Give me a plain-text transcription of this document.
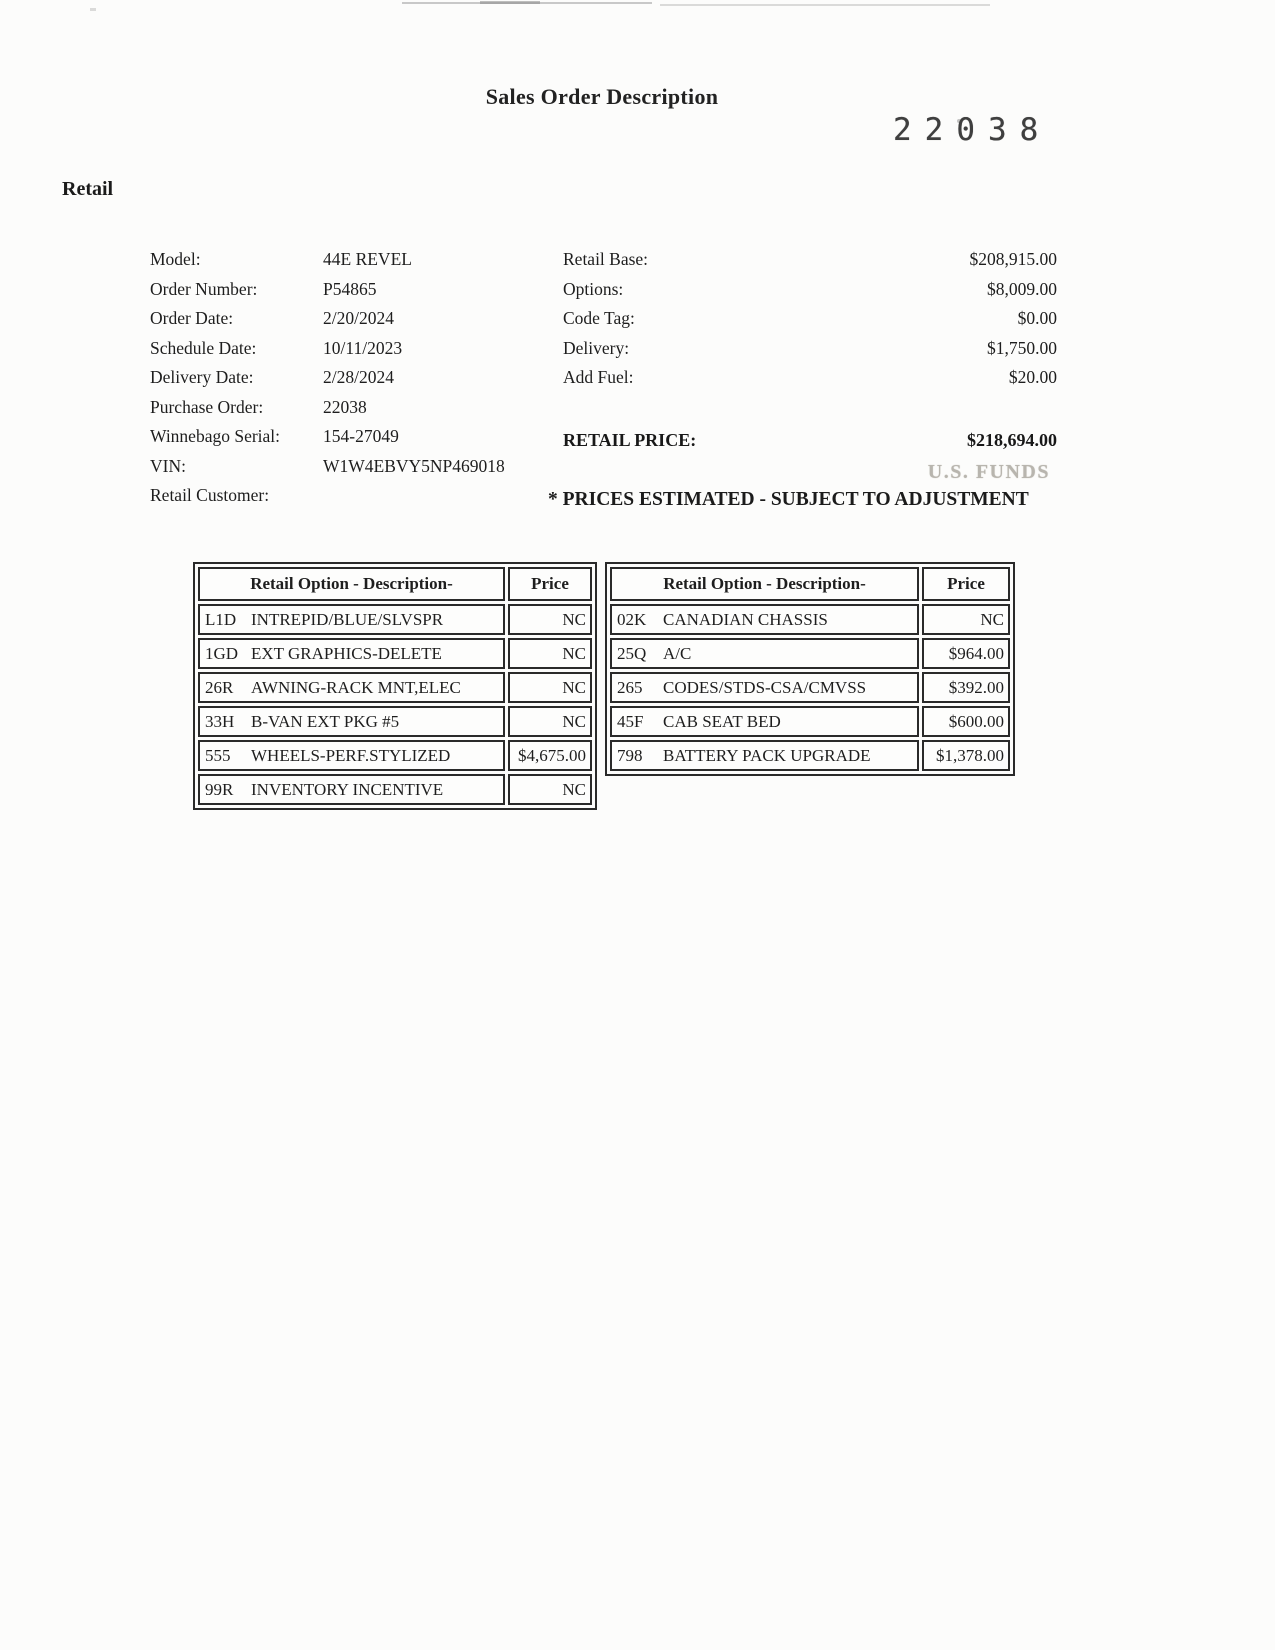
Sales Order Description
22038
Retail
Model:	44E REVEL
Order Number:	P54865
Order Date:	2/20/2024
Schedule Date:	10/11/2023
Delivery Date:	2/28/2024
Purchase Order:	22038
Winnebago Serial:	154-27049
VIN:	W1W4EBVY5NP469018
Retail Customer:
Retail Base:	$208,915.00
Options:	$8,009.00
Code Tag:	$0.00
Delivery:	$1,750.00
Add Fuel:	$20.00
RETAIL PRICE:	$218,694.00
U.S. FUNDS
* PRICES ESTIMATED - SUBJECT TO ADJUSTMENT
Retail Option - Description-	Price
L1D INTREPID/BLUE/SLVSPR	NC
1GD EXT GRAPHICS-DELETE	NC
26R	AWNING-RACK MNT,ELEC	NC
33H B-VAN EXT PKG #5	NC
555	WHEELS-PERF.STYLIZED	$4,675.00
99R	INVENTORY INCENTIVE	NC
Retail Option - Description-	Price
02K CANADIAN CHASSIS	NC
25Q A/C	$964.00
265	CODES/STDS-CSA/CMVSS	$392.00
45F	CAB SEAT BED	$600.00
798	BATTERY PACK UPGRADE	$1,378.00
